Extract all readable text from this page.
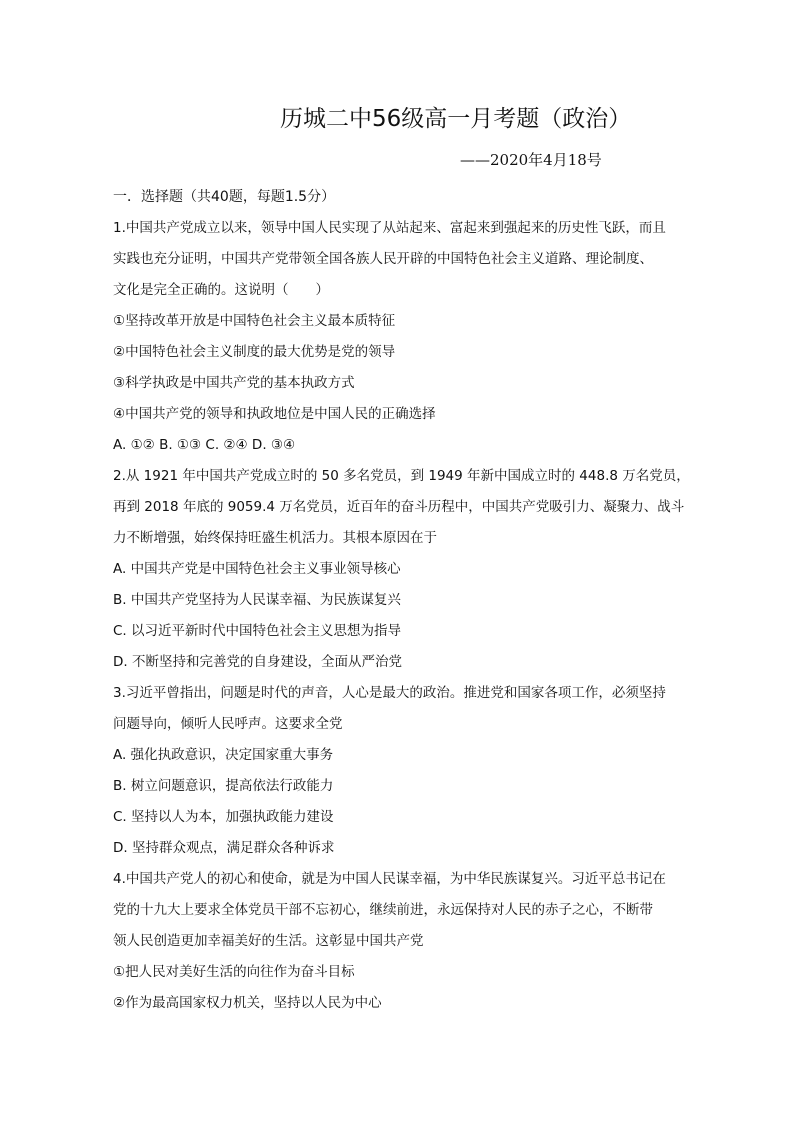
历城二中56级高一月考题（政治）
——2020年4月18号
一．选择题（共40题，每题1.5分）
1.中国共产党成立以来，领导中国人民实现了从站起来、富起来到强起来的历史性飞跃，而且
实践也充分证明，中国共产党带领全国各族人民开辟的中国特色社会主义道路、理论制度、
文化是完全正确的。这说明（　　）
①坚持改革开放是中国特色社会主义最本质特征
②中国特色社会主义制度的最大优势是党的领导
③科学执政是中国共产党的基本执政方式
④中国共产党的领导和执政地位是中国人民的正确选择
A. ①② B. ①③ C. ②④ D. ③④
2.从 1921 年中国共产党成立时的 50 多名党员，到 1949 年新中国成立时的 448.8 万名党员，
再到 2018 年底的 9059.4 万名党员，近百年的奋斗历程中，中国共产党吸引力、凝聚力、战斗
力不断增强，始终保持旺盛生机活力。其根本原因在于
A. 中国共产党是中国特色社会主义事业领导核心
B. 中国共产党坚持为人民谋幸福、为民族谋复兴
C. 以习近平新时代中国特色社会主义思想为指导
D. 不断坚持和完善党的自身建设，全面从严治党
3.习近平曾指出，问题是时代的声音，人心是最大的政治。推进党和国家各项工作，必须坚持
问题导向，倾听人民呼声。这要求全党
A. 强化执政意识，决定国家重大事务
B. 树立问题意识，提高依法行政能力
C. 坚持以人为本，加强执政能力建设
D. 坚持群众观点，满足群众各种诉求
4.中国共产党人的初心和使命，就是为中国人民谋幸福，为中华民族谋复兴。习近平总书记在
党的十九大上要求全体党员干部不忘初心，继续前进，永远保持对人民的赤子之心，不断带
领人民创造更加幸福美好的生活。这彰显中国共产党
①把人民对美好生活的向往作为奋斗目标
②作为最高国家权力机关，坚持以人民为中心
